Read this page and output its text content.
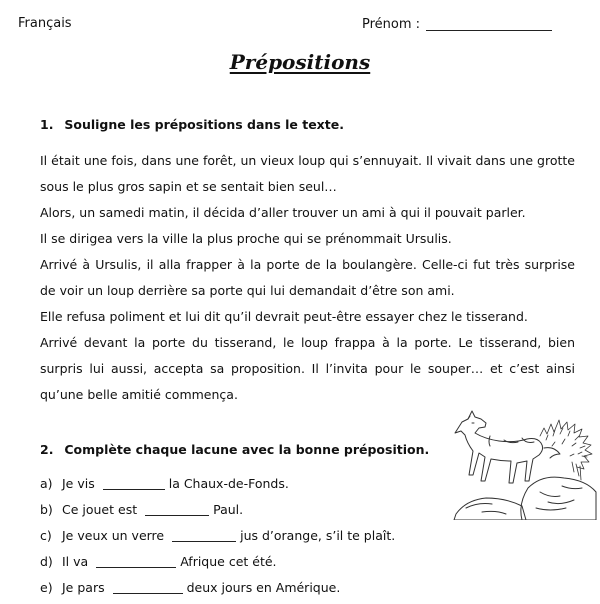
Français	Prénom :
Prépositions
1. Souligne les prépositions dans le texte.

Il était une fois, dans une forêt, un vieux loup qui s’ennuyait. Il vivait dans une grotte sous le plus gros sapin et se sentait bien seul…

Alors, un samedi matin, il décida d’aller trouver un ami à qui il pouvait parler.

Il se dirigea vers la ville la plus proche qui se prénommait Ursulis.

Arrivé à Ursulis, il alla frapper à la porte de la boulangère. Celle-ci fut très surprise de voir un loup derrière sa porte qui lui demandait d’être son ami.

Elle refusa poliment et lui dit qu’il devrait peut-être essayer chez le tisserand.

Arrivé devant la porte du tisserand, le loup frappa à la porte. Le tisserand, bien surpris lui aussi, accepta sa proposition. Il l’invita pour le souper… et c’est ainsi qu’une belle amitié commença.

2. Complète chaque lacune avec la bonne préposition.
a) Je vis	la Chaux-de-Fonds.
b) Ce jouet est	Paul.
c) Je veux un verre	jus d’orange, s’il te plaît.
d) Il va	Afrique cet été.
e) Je pars	deux jours en Amérique.
